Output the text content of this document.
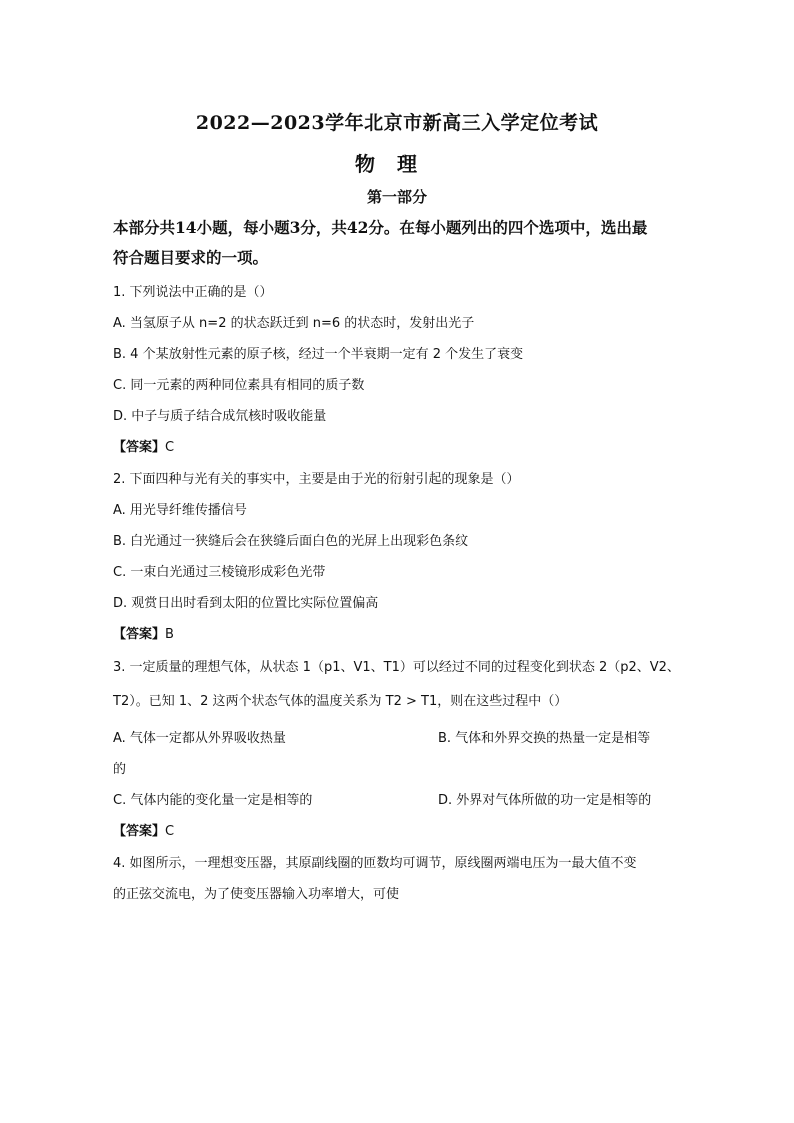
2022—2023学年北京市新高三入学定位考试
物理
第一部分
本部分共14小题，每小题3分，共42分。在每小题列出的四个选项中，选出最
符合题目要求的一项。
1. 下列说法中正确的是（）
A. 当氢原子从 n=2 的状态跃迁到 n=6 的状态时，发射出光子
B. 4 个某放射性元素的原子核，经过一个半衰期一定有 2 个发生了衰变
C. 同一元素的两种同位素具有相同的质子数
D. 中子与质子结合成氘核时吸收能量
【答案】C
2. 下面四种与光有关的事实中，主要是由于光的衍射引起的现象是（）
A. 用光导纤维传播信号
B. 白光通过一狭缝后会在狭缝后面白色的光屏上出现彩色条纹
C. 一束白光通过三棱镜形成彩色光带
D. 观赏日出时看到太阳的位置比实际位置偏高
【答案】B
3. 一定质量的理想气体，从状态 1（p1、V1、T1）可以经过不同的过程变化到状态 2（p2、V2、
T2）。已知 1、2 这两个状态气体的温度关系为 T2 > T1，则在这些过程中（）
A. 气体一定都从外界吸收热量	B. 气体和外界交换的热量一定是相等
的
C. 气体内能的变化量一定是相等的	D. 外界对气体所做的功一定是相等的
【答案】C
4. 如图所示，一理想变压器，其原副线圈的匝数均可调节，原线圈两端电压为一最大值不变
的正弦交流电，为了使变压器输入功率增大，可使
